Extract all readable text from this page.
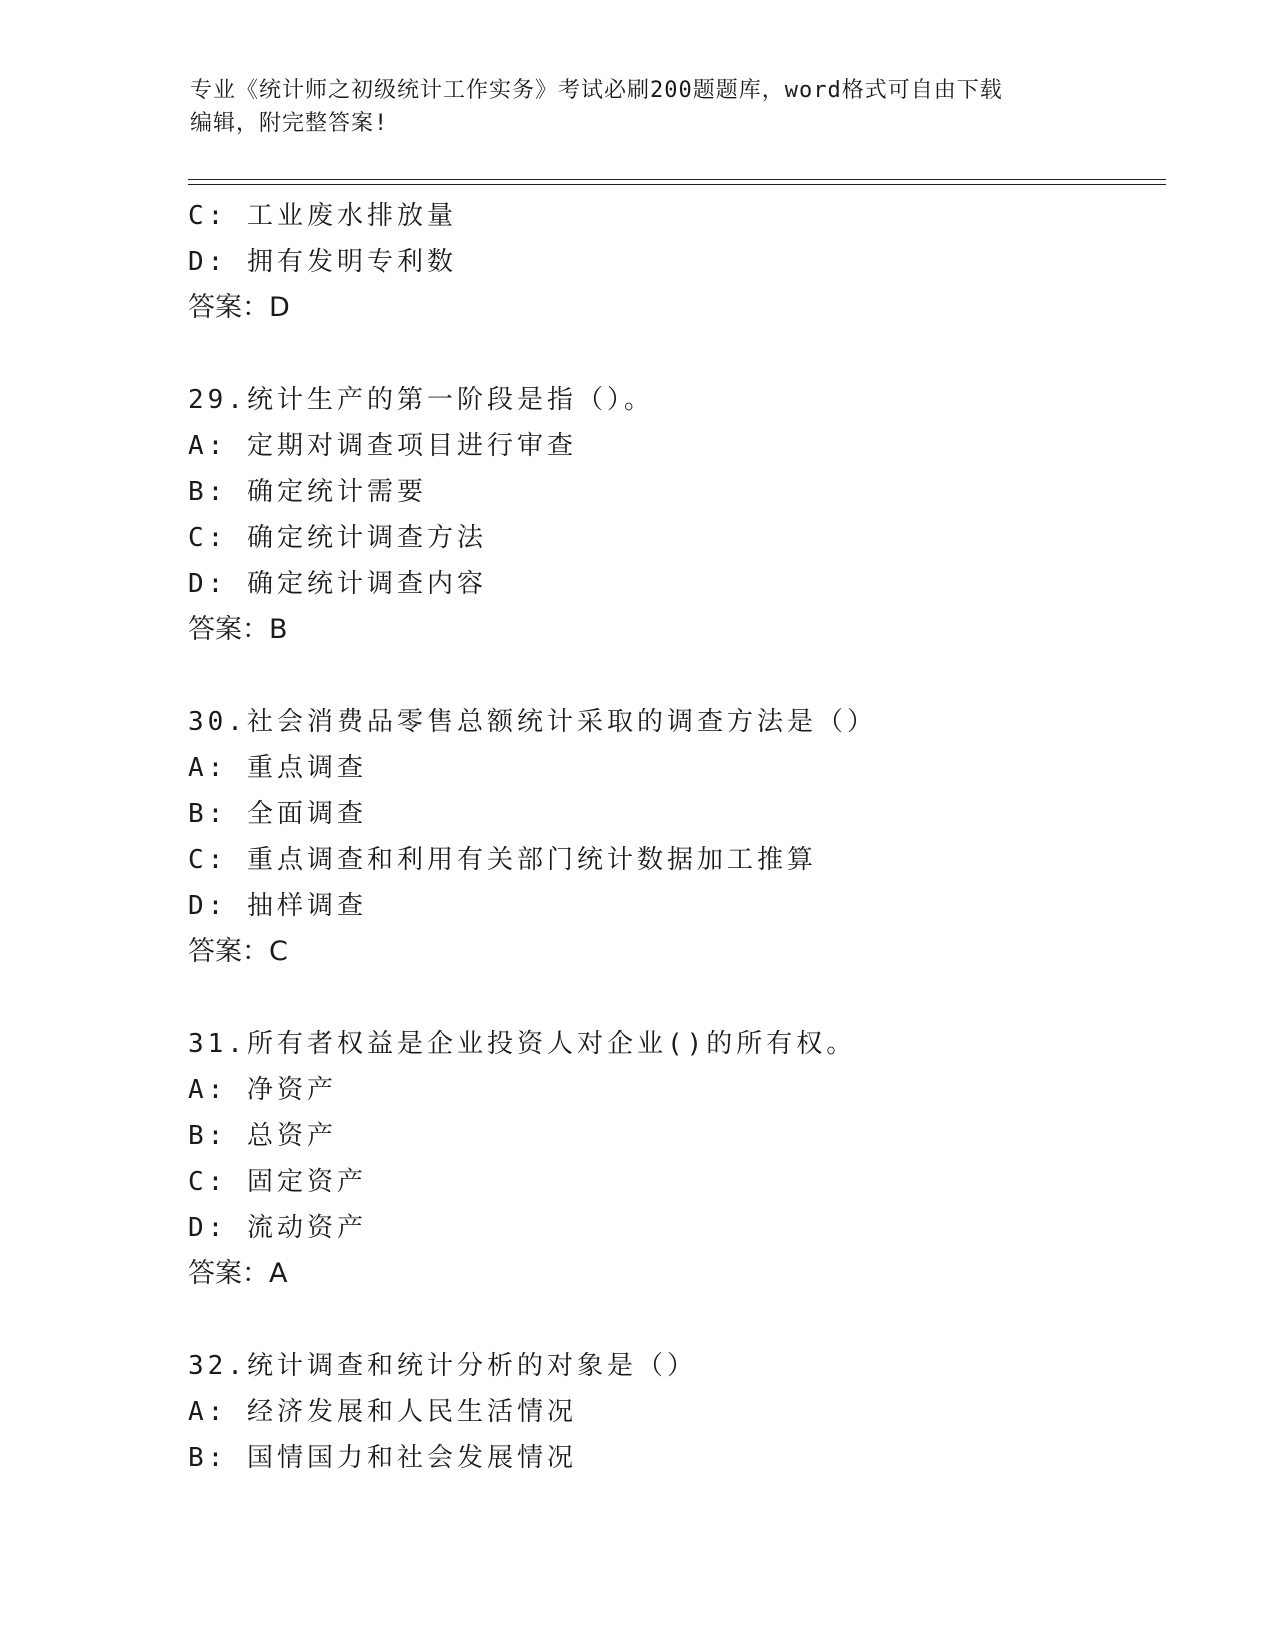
专业《统计师之初级统计工作实务》考试必刷200题题库，word格式可自由下载
编辑，附完整答案!
C: 工业废水排放量
D: 拥有发明专利数
答案：D
29.统计生产的第一阶段是指（）。
A: 定期对调查项目进行审查
B: 确定统计需要
C: 确定统计调查方法
D: 确定统计调查内容
答案：B
30.社会消费品零售总额统计采取的调查方法是（）
A: 重点调查
B: 全面调查
C: 重点调查和利用有关部门统计数据加工推算
D: 抽样调查
答案：C
31.所有者权益是企业投资人对企业()的所有权。
A: 净资产
B: 总资产
C: 固定资产
D: 流动资产
答案：A
32.统计调查和统计分析的对象是（）
A: 经济发展和人民生活情况
B: 国情国力和社会发展情况
